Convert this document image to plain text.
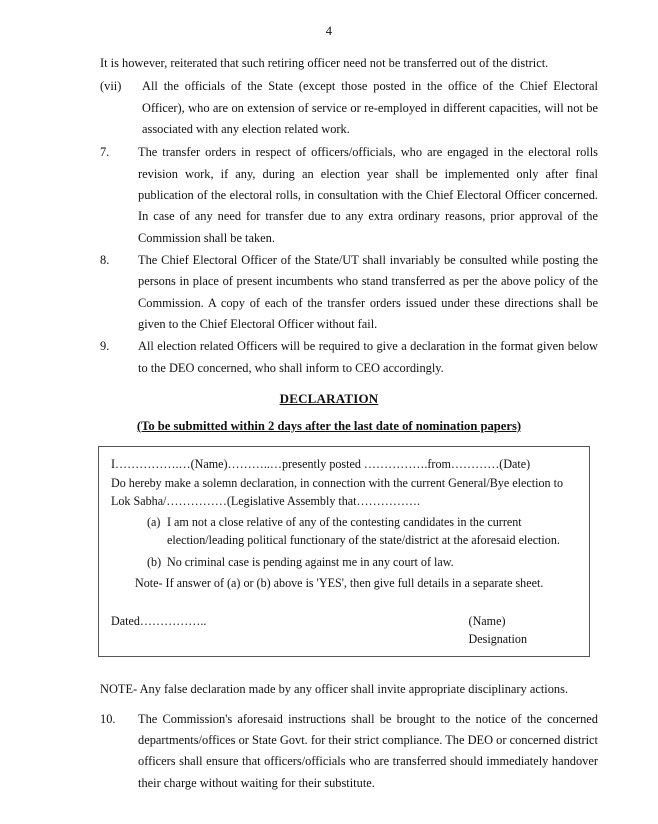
4

It is however, reiterated that such retiring officer need not be transferred out of the district.

(vii)	All the officials of the State (except those posted in the office of the Chief Electoral Officer), who are on extension of service or re-employed in different capacities, will not be associated with any election related work.
7.	The transfer orders in respect of officers/officials, who are engaged in the electoral rolls revision work, if any, during an election year shall be implemented only after final publication of the electoral rolls, in consultation with the Chief Electoral Officer concerned. In case of any need for transfer due to any extra ordinary reasons, prior approval of the Commission shall be taken.
8.	The Chief Electoral Officer of the State/UT shall invariably be consulted while posting the persons in place of present incumbents who stand transferred as per the above policy of the Commission. A copy of each of the transfer orders issued under these directions shall be given to the Chief Electoral Officer without fail.
9.	All election related Officers will be required to give a declaration in the format given below to the DEO concerned, who shall inform to CEO accordingly.
DECLARATION
(To be submitted within 2 days after the last date of nomination papers)
I…………….…(Name)………..…presently posted …………….from…………(Date)
Do hereby make a solemn declaration, in connection with the current General/Bye election to Lok Sabha/……………(Legislative Assembly that…………….
(a) I am not a close relative of any of the contesting candidates in the current election/leading political functionary of the state/district at the aforesaid election.
(b) No criminal case is pending against me in any court of law.
Note- If answer of (a) or (b) above is 'YES', then give full details in a separate sheet.
Dated……………..	(Name)
Designation
NOTE- Any false declaration made by any officer shall invite appropriate disciplinary actions.
10.	The Commission's aforesaid instructions shall be brought to the notice of the concerned departments/offices or State Govt. for their strict compliance. The DEO or concerned district officers shall ensure that officers/officials who are transferred should immediately handover their charge without waiting for their substitute.
